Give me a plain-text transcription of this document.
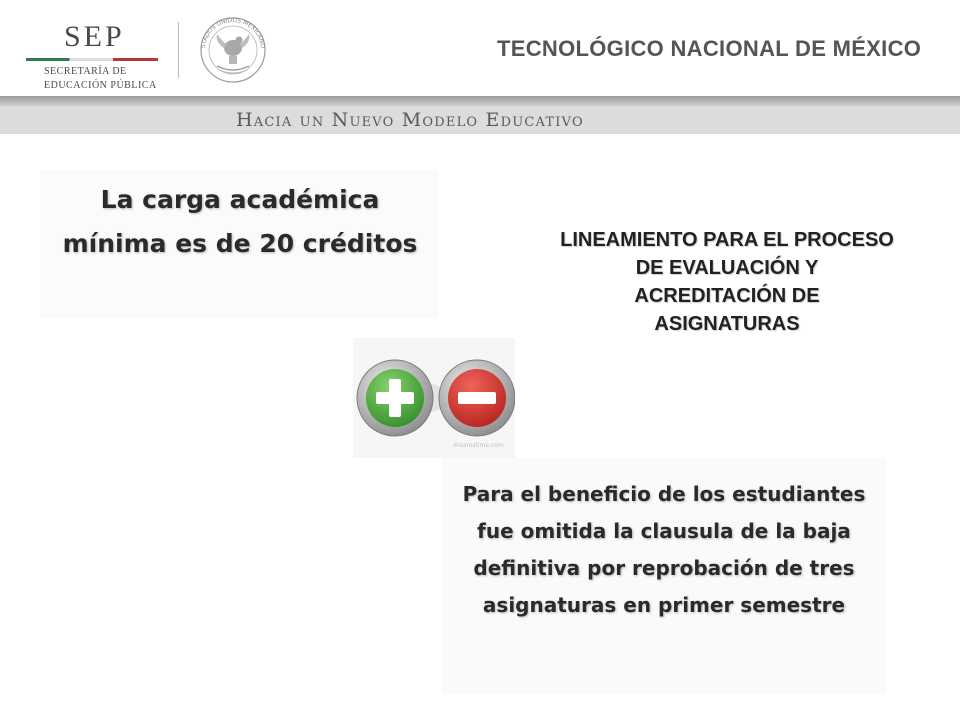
SEP
SECRETARÍA DE
EDUCACIÓN PÚBLICA
STADOS UNIDOS MEXICANO	TECNOLÓGICO NACIONAL DE MÉXICO
Hacia un Nuevo Modelo Educativo
La carga académica mínima es de 20 créditos	LINEAMIENTO PARA EL PROCESO DE EVALUACIÓN Y ACREDITACIÓN DE ASIGNATURAS
dreamstime.com
Para el beneficio de los estudiantes fue omitida la clausula de la baja definitiva por reprobación de tres asignaturas en primer semestre
